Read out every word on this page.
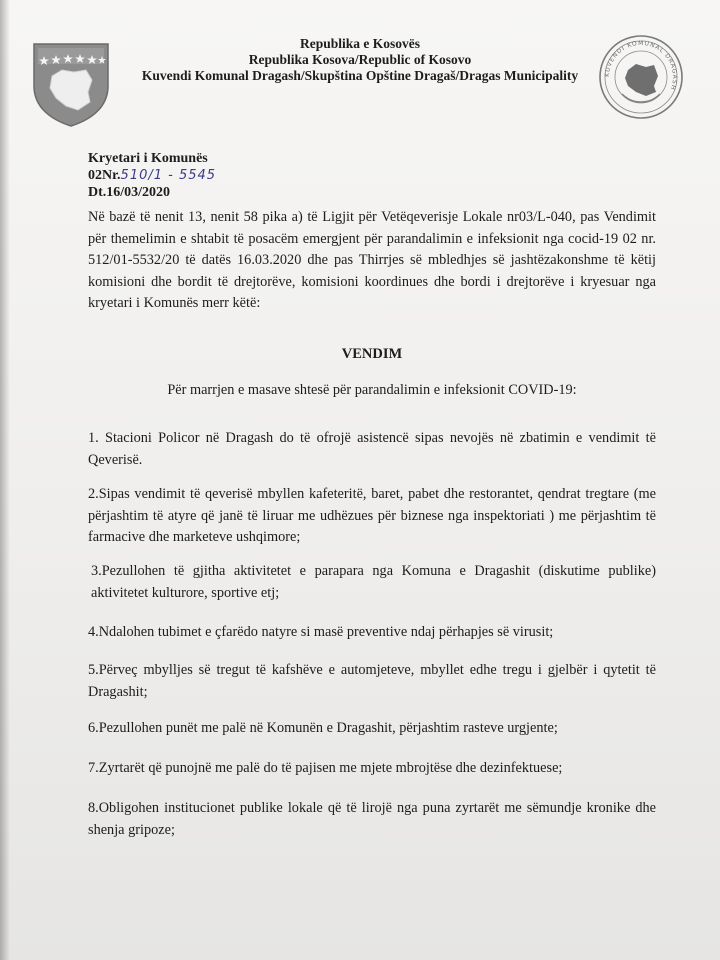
KUVENDI KOMUNAL DRAGASH
Republika e Kosovës
Republika Kosova/Republic of Kosovo
Kuvendi Komunal Dragash/Skupština Opštine Dragaš/Dragas Municipality
Kryetari i Komunës
02Nr.510/1 - 5545
Dt.16/03/2020
Në bazë të nenit 13, nenit 58 pika a) të Ligjit për Vetëqeverisje Lokale nr03/L-040, pas Vendimit për themelimin e shtabit të posacëm emergjent për parandalimin e infeksionit nga cocid-19 02 nr. 512/01-5532/20 të datës 16.03.2020 dhe pas Thirrjes së mbledhjes së jashtëzakonshme të këtij komisioni dhe bordit të drejtorëve, komisioni koordinues dhe bordi i drejtorëve i kryesuar nga kryetari i Komunës merr këtë:
VENDIM
Për marrjen e masave shtesë për parandalimin e infeksionit COVID-19:
1. Stacioni Policor në Dragash do të ofrojë asistencë sipas nevojës në zbatimin e vendimit të Qeverisë.
2.Sipas vendimit të qeverisë mbyllen kafeteritë, baret, pabet dhe restorantet, qendrat tregtare (me përjashtim të atyre që janë të liruar me udhëzues për biznese nga inspektoriati ) me përjashtim të farmacive dhe marketeve ushqimore;
3.Pezullohen të gjitha aktivitetet e parapara nga Komuna e Dragashit (diskutime publike) aktivitetet kulturore, sportive etj;
4.Ndalohen tubimet e çfarëdo natyre si masë preventive ndaj përhapjes së virusit;
5.Përveç mbylljes së tregut të kafshëve e automjeteve, mbyllet edhe tregu i gjelbër i qytetit të Dragashit;
6.Pezullohen punët me palë në Komunën e Dragashit, përjashtim rasteve urgjente;
7.Zyrtarët që punojnë me palë do të pajisen me mjete mbrojtëse dhe dezinfektuese;
8.Obligohen institucionet publike lokale që të lirojë nga puna zyrtarët me sëmundje kronike dhe shenja gripoze;
